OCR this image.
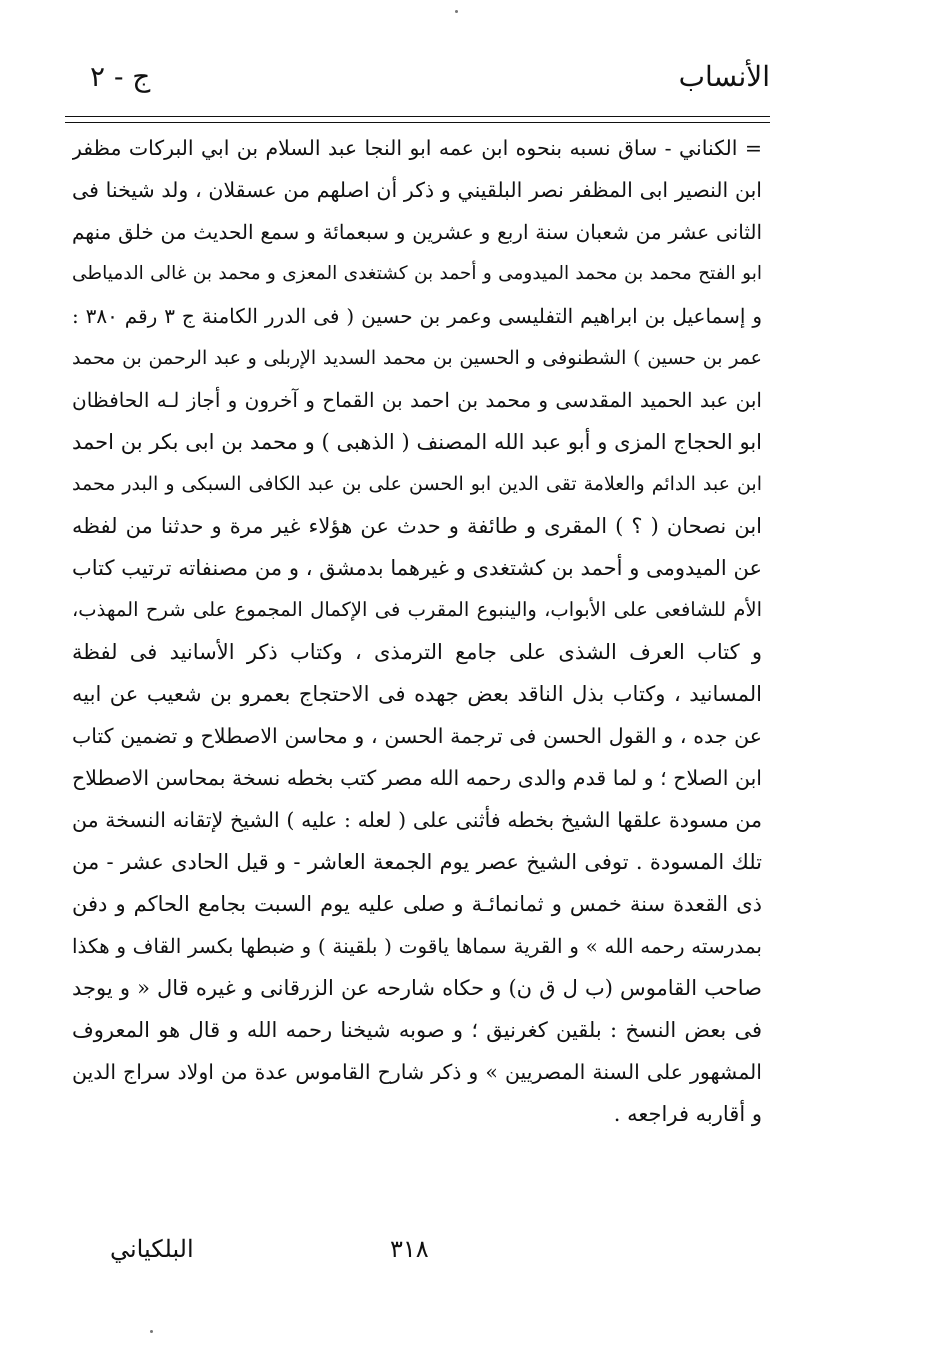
الأنساب
ج - ٢
= الكناني - ساق نسبه بنحوه ابن عمه ابو النجا عبد السلام بن ابي البركات مظفر
ابن النصير ابى المظفر نصر البلقيني و ذكر أن اصلهم من عسقلان ، ولد شيخنا فى
الثانى عشر من شعبان سنة اربع و عشرين و سبعمائة و سمع الحديث من خلق منهم
ابو الفتح محمد بن محمد الميدومى و أحمد بن كشتغدى المعزى و محمد بن غالى الدمياطى
و إسماعيل بن ابراهيم التفليسى وعمر بن حسين ( فى الدرر الكامنة ج ٣ رقم ٣٨٠ :
عمر بن حسين ) الشطنوفى و الحسين بن محمد السديد الإربلى و عبد الرحمن بن محمد
ابن عبد الحميد المقدسى و محمد بن احمد بن القماح و آخرون و أجاز لـه الحافظان
ابو الحجاج المزى و أبو عبد الله المصنف ( الذهبى ) و محمد بن ابى بكر بن احمد
ابن عبد الدائم والعلامة تقى الدين ابو الحسن على بن عبد الكافى السبكى و البدر محمد
ابن نصحان ( ؟ ) المقرى و طائفة و حدث عن هؤلاء غير مرة و حدثنا من لفظه
عن الميدومى و أحمد بن كشتغدى و غيرهما بدمشق ، و من مصنفاته ترتيب كتاب
الأم للشافعى على الأبواب، والينبوع المقرب فى الإكمال المجموع على شرح المهذب،
و كتاب العرف الشذى على جامع الترمذى ، وكتاب ذكر الأسانيد فى لفظة
المسانيد ، وكتاب بذل الناقد بعض جهده فى الاحتجاج بعمرو بن شعيب عن ابيه
عن جده ، و القول الحسن فى ترجمة الحسن ، و محاسن الاصطلاح و تضمين كتاب
ابن الصلاح ؛ و لما قدم والدى رحمه الله مصر كتب بخطه نسخة بمحاسن الاصطلاح
من مسودة علقها الشيخ بخطه فأثنى على ( لعله : عليه ) الشيخ لإتقانه النسخة من
تلك المسودة . توفى الشيخ عصر يوم الجمعة العاشر - و قيل الحادى عشر - من
ذى القعدة سنة خمس و ثمانمائـة و صلى عليه يوم السبت بجامع الحاكم و دفن
بمدرسته رحمه الله » و القرية سماها ياقوت ( بلقينة ) و ضبطها بكسر القاف و هكذا
صاحب القاموس (ب ل ق ن) و حكاه شارحه عن الزرقانى و غيره قال « و يوجد
فى بعض النسخ : بلقين كغرنيق ؛ و صوبه شيخنا رحمه الله و قال هو المعروف
المشهور على السنة المصريين » و ذكر شارح القاموس عدة من اولاد سراج الدين
و أقاربه فراجعه .
٣١٨
البلكياني
